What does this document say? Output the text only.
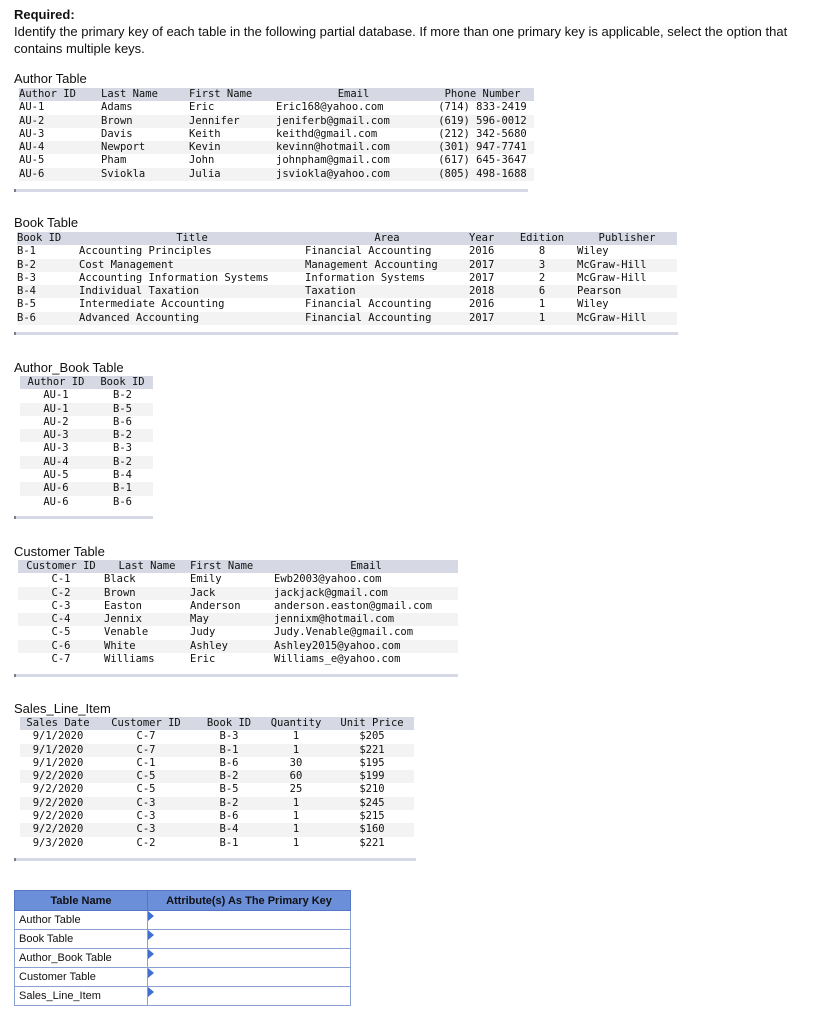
Required:
Identify the primary key of each table in the following partial database. If more than one primary key is applicable, select the option that contains multiple keys.
Author Table
Author ID	Last Name	First Name	Email	Phone Number
AU-1	Adams	Eric	Eric168@yahoo.com	(714) 833-2419
AU-2	Brown	Jennifer	jeniferb@gmail.com	(619) 596-0012
AU-3	Davis	Keith	keithd@gmail.com	(212) 342-5680
AU-4	Newport	Kevin	kevinn@hotmail.com	(301) 947-7741
AU-5	Pham	John	johnpham@gmail.com	(617) 645-3647
AU-6	Sviokla	Julia	jsviokla@yahoo.com	(805) 498-1688
Book Table
Book ID	Title	Area	Year	Edition	Publisher
B-1	Accounting Principles	Financial Accounting	2016	8	Wiley
B-2	Cost Management	Management Accounting	2017	3	McGraw-Hill
B-3	Accounting Information Systems	Information Systems	2017	2	McGraw-Hill
B-4	Individual Taxation	Taxation	2018	6	Pearson
B-5	Intermediate Accounting	Financial Accounting	2016	1	Wiley
B-6	Advanced Accounting	Financial Accounting	2017	1	McGraw-Hill
Author_Book Table
Author ID	Book ID
AU-1	B-2
AU-1	B-5
AU-2	B-6
AU-3	B-2
AU-3	B-3
AU-4	B-2
AU-5	B-4
AU-6	B-1
AU-6	B-6
Customer Table
Customer ID	Last Name	First Name	Email
C-1	Black	Emily	Ewb2003@yahoo.com
C-2	Brown	Jack	jackjack@gmail.com
C-3	Easton	Anderson	anderson.easton@gmail.com
C-4	Jennix	May	jennixm@hotmail.com
C-5	Venable	Judy	Judy.Venable@gmail.com
C-6	White	Ashley	Ashley2015@yahoo.com
C-7	Williams	Eric	Williams_e@yahoo.com
Sales_Line_Item
Sales Date	Customer ID	Book ID	Quantity	Unit Price
9/1/2020	C-7	B-3	1	$205
9/1/2020	C-7	B-1	1	$221
9/1/2020	C-1	B-6	30	$195
9/2/2020	C-5	B-2	60	$199
9/2/2020	C-5	B-5	25	$210
9/2/2020	C-3	B-2	1	$245
9/2/2020	C-3	B-6	1	$215
9/2/2020	C-3	B-4	1	$160
9/3/2020	C-2	B-1	1	$221
Table Name	Attribute(s) As The Primary Key
Author Table	

Book Table	

Author_Book Table	

Customer Table	

Sales_Line_Item	
